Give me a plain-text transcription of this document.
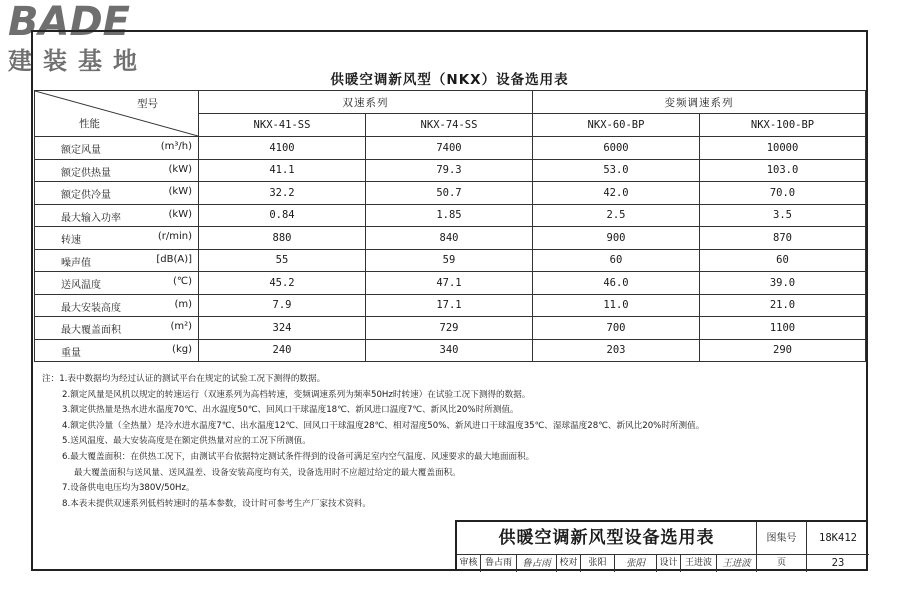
BADE
建装基地
供暖空调新风型（NKX）设备选用表
型号
性能	双速系列		变频调速系列	
	NKX-41-SS	NKX-74-SS	NKX-60-BP	NKX-100-BP

额定风量 (m³/h)	4100	7400	6000	10000

额定供热量 (kW)	41.1	79.3	53.0	103.0

额定供冷量 (kW)	32.2	50.7	42.0	70.0

最大输入功率 (kW)	0.84	1.85	2.5	3.5

转速 (r/min)	880	840	900	870

噪声值 [dB(A)]	55	59	60	60

送风温度 (℃)	45.2	47.1	46.0	39.0

最大安装高度 (m)	7.9	17.1	11.0	21.0

最大覆盖面积 (m²)	324	729	700	1100

重量 (kg)	240	340	203	290
注：1.表中数据均为经过认证的测试平台在规定的试验工况下测得的数据。
2.额定风量是风机以规定的转速运行（双速系列为高档转速，变频调速系列为频率50Hz时转速）在试验工况下测得的数据。
3.额定供热量是热水进水温度70℃、出水温度50℃、回风口干球温度18℃、新风进口温度7℃、新风比20%时所测值。
4.额定供冷量（全热量）是冷水进水温度7℃、出水温度12℃、回风口干球温度28℃、相对湿度50%、新风进口干球温度35℃、湿球温度28℃、新风比20%时所测值。
5.送风温度、最大安装高度是在额定供热量对应的工况下所测值。
6.最大覆盖面积：在供热工况下，由测试平台依据特定测试条件得到的设备可满足室内空气温度、风速要求的最大地面面积。
最大覆盖面积与送风量、送风温差、设备安装高度均有关，设备选用时不应超过给定的最大覆盖面积。
7.设备供电电压均为380V/50Hz。
8.本表未提供双速系列低档转速时的基本参数，设计时可参考生产厂家技术资料。
供暖空调新风型设备选用表	图集号	18K412
审核 鲁占雨	鲁占雨 校对	张阳	张阳	设计 王进波	王进波	页	23
